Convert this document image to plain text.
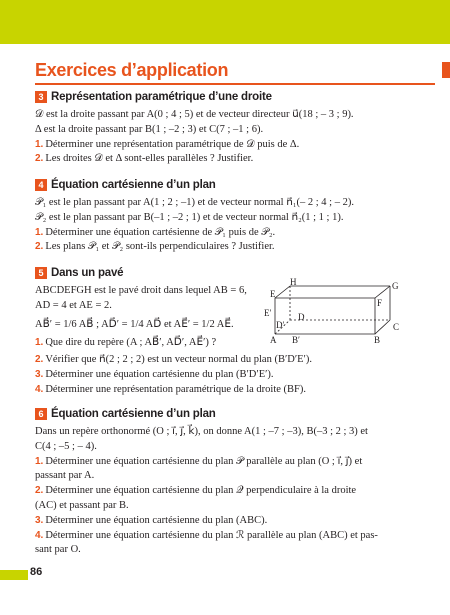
Exercices d’application
3 Représentation paramétrique d’une droite
𝒟 est la droite passant par A(0 ; 4 ; 5) et de vecteur directeur u⃗(18 ; – 3 ; 9).
Δ est la droite passant par B(1 ; –2 ; 3) et C(7 ; –1 ; 6).
1. Déterminer une représentation paramétrique de 𝒟 puis de Δ.
2. Les droites 𝒟 et Δ sont-elles parallèles ? Justifier.
4 Équation cartésienne d’un plan
𝒫₁ est le plan passant par A(1 ; 2 ; –1) et de vecteur normal n⃗₁(– 2 ; 4 ; – 2).
𝒫₂ est le plan passant par B(–1 ; –2 ; 1) et de vecteur normal n⃗₂(1 ; 1 ; 1).
1. Déterminer une équation cartésienne de 𝒫₁ puis de 𝒫₂.
2. Les plans 𝒫₁ et 𝒫₂ sont-ils perpendiculaires ? Justifier.
5 Dans un pavé
ABCDEFGH est le pavé droit dans lequel AB = 6,
AD = 4 et AE = 2.
AB⃗′ = 1/6 AB⃗ ; AD⃗′ = 1/4 AD⃗ et AE⃗′ = 1/2 AE⃗.
1. Que dire du repère (A ; AB⃗′, AD⃗′, AE⃗′) ?
2. Vérifier que n⃗(2 ; 2 ; 2) est un vecteur normal du plan (B′D′E′).
3. Déterminer une équation cartésienne du plan (B′D′E′).
4. Déterminer une représentation paramétrique de la droite (BF).
H	G
E
F
E′	D
D′	C
A B′	B
6 Équation cartésienne d’un plan
Dans un repère orthonormé (O ; i⃗, j⃗, k⃗), on donne A(1 ; –7 ; –3), B(–3 ; 2 ; 3) et
C(4 ; –5 ; – 4).
1. Déterminer une équation cartésienne du plan 𝒫 parallèle au plan (O ; i⃗, j⃗) et
passant par A.
2. Déterminer une équation cartésienne du plan 𝒬 perpendiculaire à la droite
(AC) et passant par B.
3. Déterminer une équation cartésienne du plan (ABC).
4. Déterminer une équation cartésienne du plan ℛ parallèle au plan (ABC) et pas-
sant par O.
86
